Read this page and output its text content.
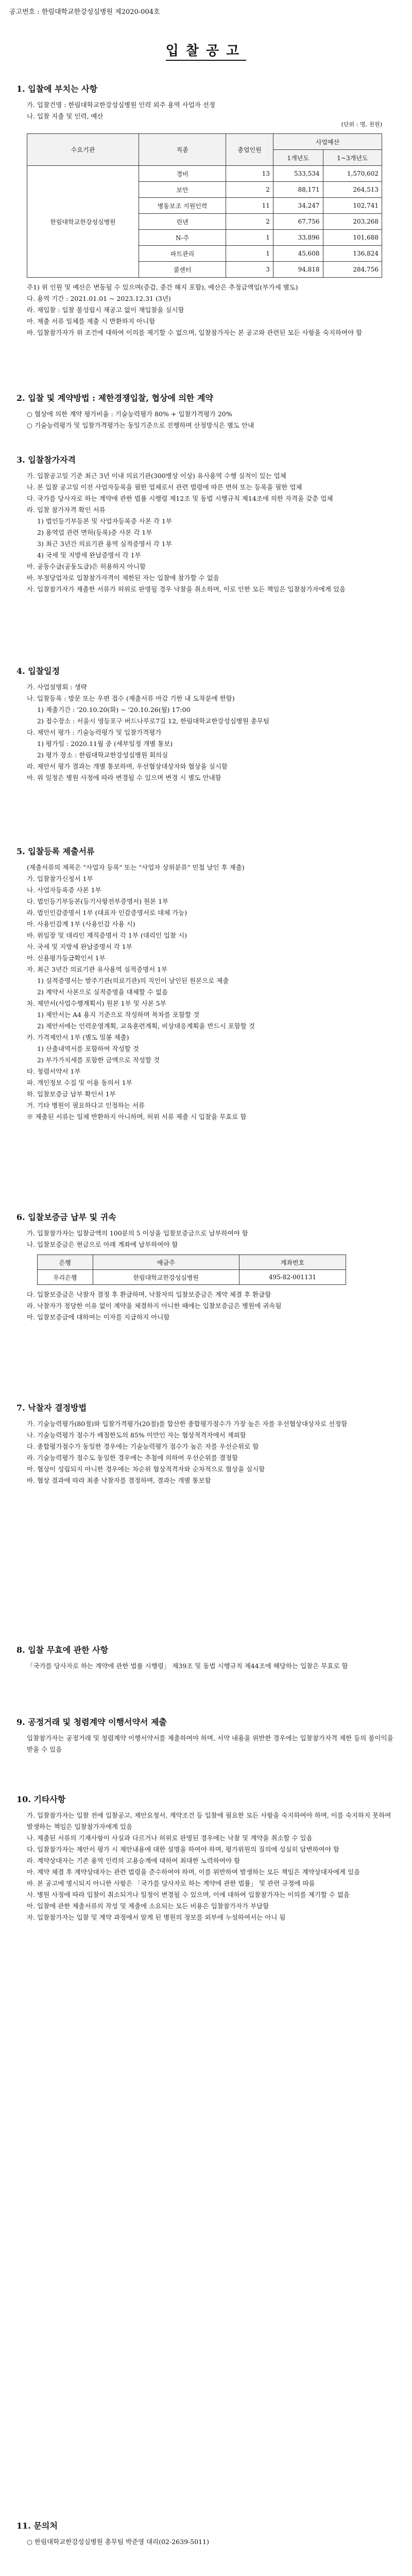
공고번호 : 한림대학교한강성심병원 제2020-004호
입찰공고
1. 입찰에 부치는 사항
가. 입찰건명 : 한림대학교한강성심병원 인력 외주 용역 사업자 선정
나. 입찰 지출 및 인력, 예산
(단위 : 명, 천원)
수요기관	직종	총업인원	사업예산	
			1개년도	1~3개년도
한림대학교한강성심병원	경비	13	533,534	1,570,602
	보안	2	88,171	264,513
	병동보조 지원인력	11	34,247	102,741
	린넨	2	67,756	203,268
	N-주	1	33,896	101,688
	파트관리	1	45,608	136,824
	콜센터	3	94,818	284,756
주1) 위 인원 및 예산은 변동될 수 있으며(증감, 중간 해지 포함), 예산은 추정금액임(부가세 별도)
다. 용역 기간 : 2021.01.01 ~ 2023.12.31 (3년)
라. 재입찰 : 입찰 불성립시 재공고 없이 재입찰을 실시함
마. 제출 서류 일체를 제출 시 반환하지 아니함
바. 입찰참가자가 위 조건에 대하여 이의를 제기할 수 없으며, 입찰참가자는 본 공고와 관련된 모든 사항을 숙지하여야 함
2. 입찰 및 계약방법 : 제한경쟁입찰, 협상에 의한 계약
○ 협상에 의한 계약 평가비율 : 기술능력평가 80% + 입찰가격평가 20%
○ 기술능력평가 및 입찰가격평가는 동일기준으로 진행하며 산정방식은 별도 안내
3. 입찰참가자격
가. 입찰공고일 기준 최근 3년 이내 의료기관(300병상 이상) 유사용역 수행 실적이 있는 업체
나. 본 입찰 공고일 이전 사업자등록을 필한 업체로서 관련 법령에 따른 면허 또는 등록을 필한 업체
다. 국가를 당사자로 하는 계약에 관한 법률 시행령 제12조 및 동법 시행규칙 제14조에 의한 자격을 갖춘 업체
라. 입찰 참가자격 확인 서류
1) 법인등기부등본 및 사업자등록증 사본 각 1부
2) 용역업 관련 면허(등록)증 사본 각 1부
3) 최근 3년간 의료기관 용역 실적증명서 각 1부
4) 국세 및 지방세 완납증명서 각 1부
마. 공동수급(공동도급)은 허용하지 아니함
바. 부정당업자로 입찰참가자격이 제한된 자는 입찰에 참가할 수 없음
사. 입찰참가자가 제출한 서류가 허위로 판명될 경우 낙찰을 취소하며, 이로 인한 모든 책임은 입찰참가자에게 있음
4. 입찰일정
가. 사업설명회 : 생략
나. 입찰등록 : 방문 또는 우편 접수 (제출서류 마감 기한 내 도착분에 한함)
1) 제출기간 : '20.10.20(화) ~ '20.10.26(월) 17:00
2) 접수장소 : 서울시 영등포구 버드나루로7길 12, 한림대학교한강성심병원 총무팀
다. 제안서 평가 : 기술능력평가 및 입찰가격평가
1) 평가일 : 2020.11월 중 (세부일정 개별 통보)
2) 평가 장소 : 한림대학교한강성심병원 회의실
라. 제안서 평가 결과는 개별 통보하며, 우선협상대상자와 협상을 실시함
마. 위 일정은 병원 사정에 따라 변경될 수 있으며 변경 시 별도 안내함
5. 입찰등록 제출서류
(제출서류의 제목은 "사업자 등록" 또는 "사업자 상위분류" 민첩 날인 후 제출)
가. 입찰참가신청서 1부
나. 사업자등록증 사본 1부
다. 법인등기부등본(등기사항전부증명서) 원본 1부
라. 법인인감증명서 1부 (대표자 인감증명서로 대체 가능)
마. 사용인감계 1부 (사용인감 사용 시)
바. 위임장 및 대리인 재직증명서 각 1부 (대리인 입찰 시)
사. 국세 및 지방세 완납증명서 각 1부
아. 신용평가등급확인서 1부
자. 최근 3년간 의료기관 유사용역 실적증명서 1부
1) 실적증명서는 발주기관(의료기관)의 직인이 날인된 원본으로 제출
2) 계약서 사본으로 실적증명을 대체할 수 없음
차. 제안서(사업수행계획서) 원본 1부 및 사본 5부
1) 제안서는 A4 용지 기준으로 작성하며 목차를 포함할 것
2) 제안서에는 인력운영계획, 교육훈련계획, 비상대응계획을 반드시 포함할 것
카. 가격제안서 1부 (별도 밀봉 제출)
1) 산출내역서를 포함하여 작성할 것
2) 부가가치세를 포함한 금액으로 작성할 것
타. 청렴서약서 1부
파. 개인정보 수집 및 이용 동의서 1부
하. 입찰보증금 납부 확인서 1부
거. 기타 병원이 필요하다고 인정하는 서류
※ 제출된 서류는 일체 반환하지 아니하며, 허위 서류 제출 시 입찰을 무효로 함
6. 입찰보증금 납부 및 귀속
가. 입찰참가자는 입찰금액의 100분의 5 이상을 입찰보증금으로 납부하여야 함
나. 입찰보증금은 현금으로 아래 계좌에 납부하여야 함
은행	예금주	계좌번호
우리은행	한림대학교한강성심병원	495-82-001131
다. 입찰보증금은 낙찰자 결정 후 환급하며, 낙찰자의 입찰보증금은 계약 체결 후 환급함
라. 낙찰자가 정당한 이유 없이 계약을 체결하지 아니한 때에는 입찰보증금은 병원에 귀속됨
마. 입찰보증금에 대하여는 이자를 지급하지 아니함
7. 낙찰자 결정방법
가. 기술능력평가(80점)와 입찰가격평가(20점)를 합산한 종합평가점수가 가장 높은 자를 우선협상대상자로 선정함
나. 기술능력평가 점수가 배점한도의 85% 미만인 자는 협상적격자에서 제외함
다. 종합평가점수가 동일한 경우에는 기술능력평가 점수가 높은 자를 우선순위로 함
라. 기술능력평가 점수도 동일한 경우에는 추첨에 의하여 우선순위를 결정함
마. 협상이 성립되지 아니한 경우에는 차순위 협상적격자와 순차적으로 협상을 실시함
바. 협상 결과에 따라 최종 낙찰자를 결정하며, 결과는 개별 통보함
8. 입찰 무효에 관한 사항
「국가를 당사자로 하는 계약에 관한 법률 시행령」 제39조 및 동법 시행규칙 제44조에 해당하는 입찰은 무효로 함
9. 공정거래 및 청렴계약 이행서약서 제출
입찰참가자는 공정거래 및 청렴계약 이행서약서를 제출하여야 하며, 서약 내용을 위반한 경우에는 입찰참가자격 제한 등의 불이익을 받을 수 있음
10. 기타사항
가. 입찰참가자는 입찰 전에 입찰공고, 제안요청서, 계약조건 등 입찰에 필요한 모든 사항을 숙지하여야 하며, 이를 숙지하지 못하여 발생하는 책임은 입찰참가자에게 있음
나. 제출된 서류의 기재사항이 사실과 다르거나 허위로 판명된 경우에는 낙찰 및 계약을 취소할 수 있음
다. 입찰참가자는 제안서 평가 시 제안내용에 대한 설명을 하여야 하며, 평가위원의 질의에 성실히 답변하여야 함
라. 계약상대자는 기존 용역 인력의 고용승계에 대하여 최대한 노력하여야 함
마. 계약 체결 후 계약상대자는 관련 법령을 준수하여야 하며, 이를 위반하여 발생하는 모든 책임은 계약상대자에게 있음
바. 본 공고에 명시되지 아니한 사항은 「국가를 당사자로 하는 계약에 관한 법률」 및 관련 규정에 따름
사. 병원 사정에 따라 입찰이 취소되거나 일정이 변경될 수 있으며, 이에 대하여 입찰참가자는 이의를 제기할 수 없음
아. 입찰에 관한 제출서류의 작성 및 제출에 소요되는 모든 비용은 입찰참가자가 부담함
자. 입찰참가자는 입찰 및 계약 과정에서 알게 된 병원의 정보를 외부에 누설하여서는 아니 됨
11. 문의처
○ 한림대학교한강성심병원 총무팀 박준영 대리(02-2639-5011)
